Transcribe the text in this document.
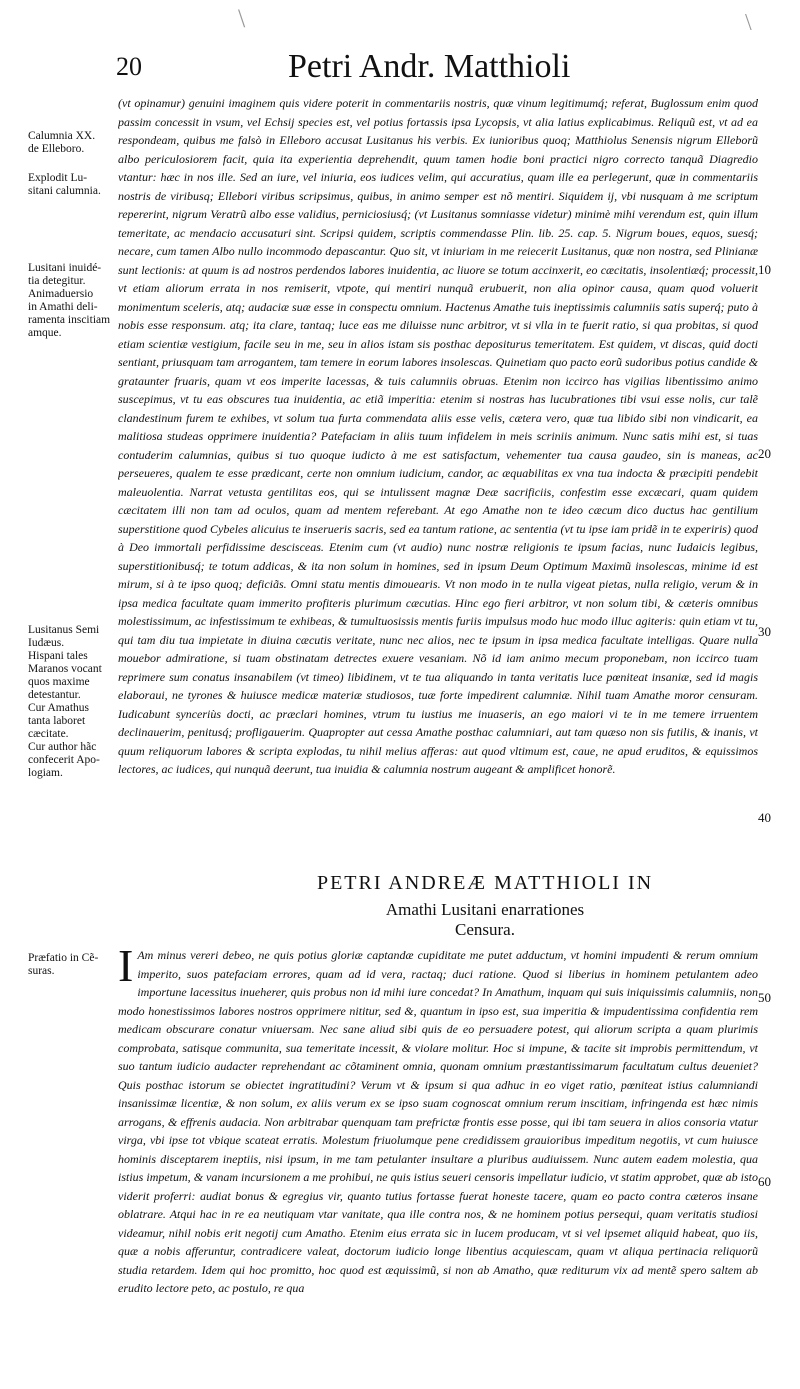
\	\
20	Petri Andr. Matthioli
Calumnia XX.
de Elleboro.
Explodit Lu-
sitani calumnia.
Lusitani inuidé-
tia detegitur.
Animaduersio
in Amathi deli-
ramenta inscitiam
amque.
Lusitanus Semi
Iudæus.
Hispani tales
Maranos vocant
quos maxime
detestantur.
Cur Amathus
tanta laboret
cæcitate.
Cur author hãc
confecerit Apo-
logiam.
Præfatio in Cẽ-
suras.
10
20
30
40
50
60

(vt opinamur) genuini imaginem quis videre poterit in commentariis nostris, quæ vinum legitimumq́; referat, Buglossum enim quod passim concessit in vsum, vel Echsij species est, vel potius fortassis ipsa Lycopsis, vt alia latius explicabimus. Reliquũ est, vt ad ea respondeam, quibus me falsò in Elleboro accusat Lusitanus his verbis. Ex iunioribus quoq; Matthiolus Senensis nigrum Elleborũ albo periculosiorem facit, quia ita experientia deprehendit, quum tamen hodie boni practici nigro correcto tanquã Diagredio vtantur: hæc in nos ille. Sed an iure, vel iniuria, eos iudices velim, qui accuratius, quam ille ea perlegerunt, quæ in commentariis nostris de viribusq; Ellebori viribus scripsimus, quibus, in animo semper est nõ mentiri. Siquidem ij, vbi nusquam à me scriptum repererint, nigrum Veratrũ albo esse validius, perniciosiusq́; (vt Lusitanus somniasse videtur) minimè mihi verendum est, quin illum temeritate, ac mendacio accusaturi sint. Scripsi quidem, scriptis commendasse Plin. lib. 25. cap. 5. Nigrum boues, equos, suesq́; necare, cum tamen Albo nullo incommodo depascantur. Quo sit, vt iniuriam in me reiecerit Lusitanus, quæ non nostra, sed Plinianæ sunt lectionis: at quum is ad nostros perdendos labores inuidentia, ac liuore se totum accinxerit, eo cæcitatis, insolentiæq́; processit, vt etiam aliorum errata in nos remiserit, vtpote, qui mentiri nunquã erubuerit, non alia opinor causa, quam quod voluerit monimentum sceleris, atq; audaciæ suæ esse in conspectu omnium. Hactenus Amathe tuis ineptissimis calumniis satis superq́; puto à nobis esse responsum. atq; ita clare, tantaq; luce eas me diluisse nunc arbitror, vt si vlla in te fuerit ratio, si qua probitas, si quod etiam scientiæ vestigium, facile seu in me, seu in alios istam sis posthac depositurus temeritatem. Est quidem, vt discas, quid docti sentiant, priusquam tam arrogantem, tam temere in eorum labores insolescas. Quinetiam quo pacto eorũ sudoribus potius candide & grataunter fruaris, quam vt eos imperite lacessas, & tuis calumniis obruas. Etenim non iccirco has vigilias libentissimo animo suscepimus, vt tu eas obscures tua inuidentia, ac etiã imperitia: etenim si nostras has lucubrationes tibi vsui esse nolis, cur talẽ clandestinum furem te exhibes, vt solum tua furta commendata aliis esse velis, cætera vero, quæ tua libido sibi non vindicarit, ea malitiosa studeas opprimere inuidentia? Patefaciam in aliis tuum infidelem in meis scriniis animum. Nunc satis mihi est, si tuas contuderim calumnias, quibus si tuo quoque iudicto à me est satisfactum, vehementer tua causa gaudeo, sin is maneas, ac perseueres, qualem te esse prædicant, certe non omnium iudicium, candor, ac æquabilitas ex vna tua indocta & præcipiti pendebit maleuolentia. Narrat vetusta gentilitas eos, qui se intulissent magnæ Deæ sacrificiis, confestim esse excæcari, quam quidem cæcitatem illi non tam ad oculos, quam ad mentem referebant. At ego Amathe non te ideo cæcum dico ductus hac gentilium superstitione quod Cybeles alicuius te inserueris sacris, sed ea tantum ratione, ac sententia (vt tu ipse iam pridẽ in te experiris) quod à Deo immortali perfidissime descisceas. Etenim cum (vt audio) nunc nostræ religionis te ipsum facias, nunc Iudaicis legibus, superstitionibusq́; te totum addicas, & ita non solum in homines, sed in ipsum Deum Optimum Maximũ insolescas, minime id est mirum, si à te ipso quoq; deficiãs. Omni statu mentis dimouearis. Vt non modo in te nulla vigeat pietas, nulla religio, verum & in ipsa medica facultate quam immerito profiteris plurimum cæcutias. Hinc ego fieri arbitror, vt non solum tibi, & cæteris omnibus molestissimum, ac infestissimum te exhibeas, & tumultuosissis mentis furiis impulsus modo huc modo illuc agiteris: quin etiam vt tu, qui tam diu tua impietate in diuina cæcutis veritate, nunc nec alios, nec te ipsum in ipsa medica facultate intelligas. Quare nulla mouebor admiratione, si tuam obstinatam detrectes exuere vesaniam. Nõ id iam animo mecum proponebam, non iccirco tuam reprimere sum conatus insanabilem (vt timeo) libidinem, vt te tua aliquando in tanta veritatis luce pœniteat insaniæ, sed id magis elaboraui, ne tyrones & huiusce medicæ materiæ studiosos, tuæ forte impedirent calumniæ. Nihil tuam Amathe moror censuram. Iudicabunt synceriùs docti, ac præclari homines, vtrum tu iustius me inuaseris, an ego maiori vi te in me temere irruentem declinauerim, penitusq́; profligauerim. Quapropter aut cessa Amathe posthac calumniari, aut tam quæso non sis futilis, & inanis, vt quum reliquorum labores & scripta explodas, tu nihil melius afferas: aut quod vltimum est, caue, ne apud eruditos, & equissimos lectores, ac iudices, qui nunquã deerunt, tua inuidia & calumnia nostrum augeant & amplificet honorẽ.

PETRI ANDREÆ MATTHIOLI IN
Amathi Lusitani enarrationes
Censura.
I Am minus vereri debeo, ne quis potius gloriæ captandæ cupiditate me putet adductum, vt homini impudenti & rerum omnium imperito, suos patefaciam errores, quam ad id vera, ractaq; duci ratione. Quod si liberius in hominem petulantem adeo importune lacessitus inueherer, quis probus non id mihi iure concedat? In Amathum, inquam qui suis iniquissimis calumniis, non modo honestissimos labores nostros opprimere nititur, sed &, quantum in ipso est, sua imperitia & impudentissima confidentia rem medicam obscurare conatur vniuersam. Nec sane aliud sibi quis de eo persuadere potest, qui aliorum scripta a quam plurimis comprobata, satisque communita, sua temeritate incessit, & violare molitur. Hoc si impune, & tacite sit improbis permittendum, vt suo tantum iudicio audacter reprehendant ac cõtaminent omnia, quonam omnium præstantissimarum facultatum cultus deueniet? Quis posthac istorum se obiectet ingratitudini? Verum vt & ipsum si qua adhuc in eo viget ratio, pœniteat istius calumniandi insanissimæ licentiæ, & non solum, ex aliis verum ex se ipso suam cognoscat omnium rerum inscitiam, infringenda est hæc nimis arrogans, & effrenis audacia. Non arbitrabar quenquam tam prefrictæ frontis esse posse, qui ibi tam seuera in alios consoria vtatur virga, vbi ipse tot vbique scateat erratis. Molestum friuolumque pene credidissem grauioribus impeditum negotiis, vt cum huiusce hominis disceptarem ineptiis, nisi ipsum, in me tam petulanter insultare a pluribus audiuissem. Nunc autem eadem molestia, qua istius impetum, & vanam incursionem a me prohibui, ne quis istius seueri censoris impellatur iudicio, vt statim approbet, quæ ab isto viderit proferri: audiat bonus & egregius vir, quanto tutius fortasse fuerat honeste tacere, quam eo pacto contra cæteros insane oblatrare. Atqui hac in re ea neutiquam vtar vanitate, qua ille contra nos, & ne hominem potius persequi, quam veritatis studiosi videamur, nihil nobis erit negotij cum Amatho. Etenim eius errata sic in lucem producam, vt si vel ipsemet aliquid habeat, quo iis, quæ a nobis afferuntur, contradicere valeat, doctorum iudicio longe libentius acquiescam, quam vt aliqua pertinacia reliquorũ studia retardem. Idem qui hoc promitto, hoc quod est æquissimũ, si non ab Amatho, quæ rediturum vix ad mentẽ spero saltem ab erudito lectore peto, ac postulo, re qua
